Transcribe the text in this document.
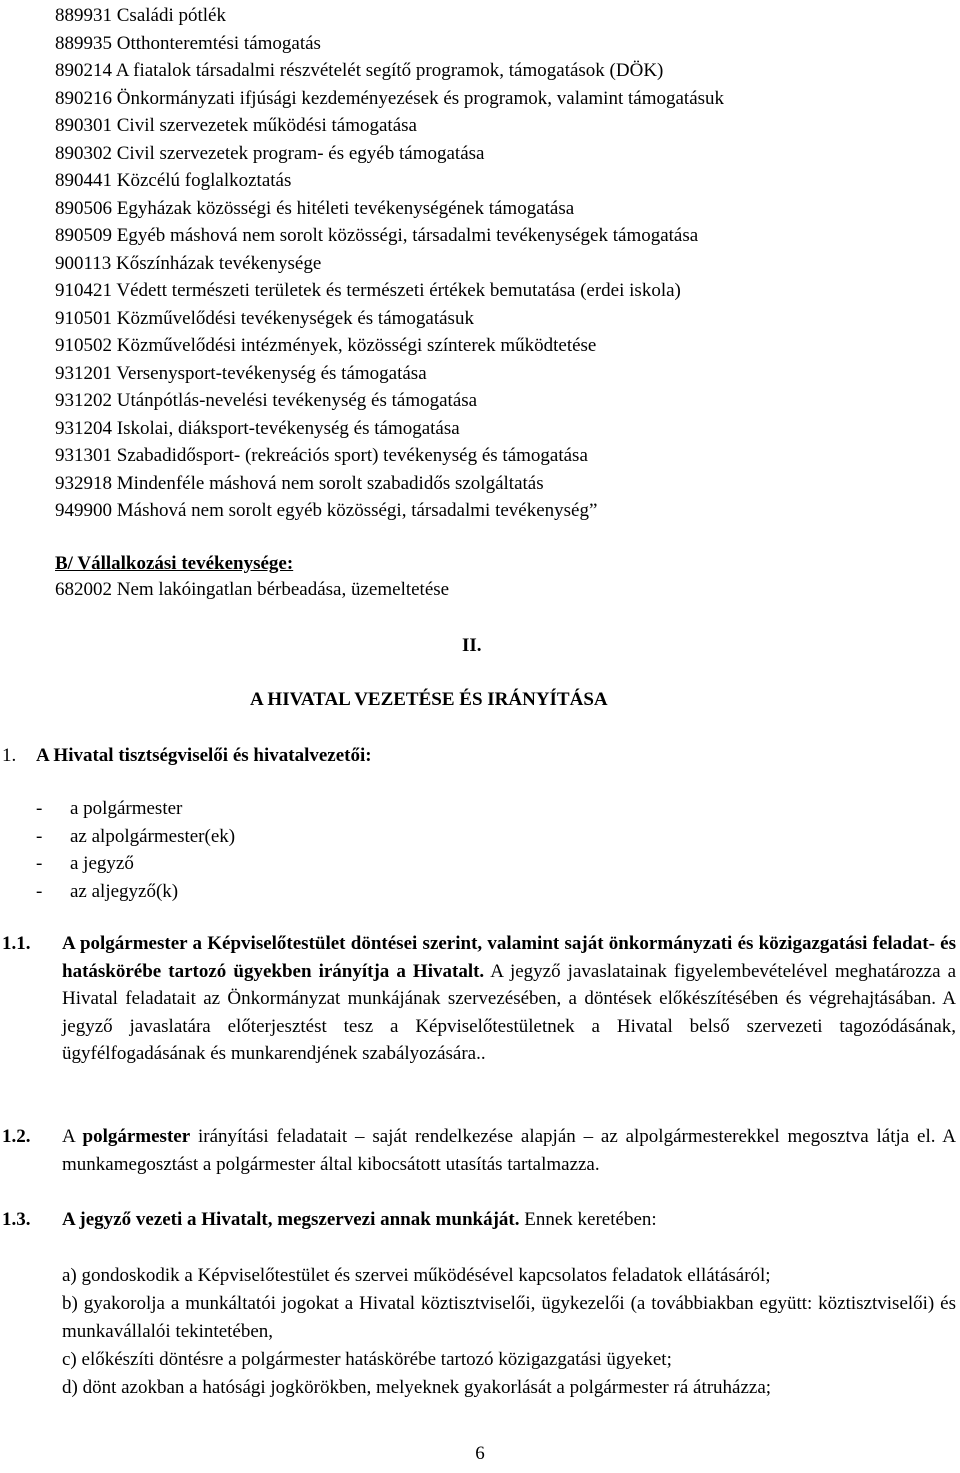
889931 Családi pótlék
889935 Otthonteremtési támogatás
890214 A fiatalok társadalmi részvételét segítő programok, támogatások (DÖK)
890216 Önkormányzati ifjúsági kezdeményezések és programok, valamint támogatásuk
890301 Civil szervezetek működési támogatása
890302 Civil szervezetek program- és egyéb támogatása
890441 Közcélú foglalkoztatás
890506 Egyházak közösségi és hitéleti tevékenységének támogatása
890509 Egyéb máshová nem sorolt közösségi, társadalmi tevékenységek támogatása
900113 Kőszínházak tevékenysége
910421 Védett természeti területek és természeti értékek bemutatása (erdei iskola)
910501 Közművelődési tevékenységek és támogatásuk
910502 Közművelődési intézmények, közösségi színterek működtetése
931201 Versenysport-tevékenység és támogatása
931202 Utánpótlás-nevelési tevékenység és támogatása
931204 Iskolai, diáksport-tevékenység és támogatása
931301 Szabadidősport- (rekreációs sport) tevékenység és támogatása
932918 Mindenféle máshová nem sorolt szabadidős szolgáltatás
949900 Máshová nem sorolt egyéb közösségi, társadalmi tevékenység”
B/ Vállalkozási tevékenysége:
682002 Nem lakóingatlan bérbeadása, üzemeltetése
II.
A HIVATAL VEZETÉSE ÉS IRÁNYÍTÁSA
1. A Hivatal tisztségviselői és hivatalvezetői:
- a polgármester
- az alpolgármester(ek)
- a jegyző
- az aljegyző(k)
1.1. A polgármester a Képviselőtestület döntései szerint, valamint saját önkormányzati és közigazgatási feladat- és hatáskörébe tartozó ügyekben irányítja a Hivatalt. A jegyző javaslatainak figyelembevételével meghatározza a Hivatal feladatait az Önkormányzat munkájának szervezésében, a döntések előkészítésében és végrehajtásában. A jegyző javaslatára előterjesztést tesz a Képviselőtestületnek a Hivatal belső szervezeti tagozódásának, ügyfélfogadásának és munkarendjének szabályozására..
1.2. A polgármester irányítási feladatait – saját rendelkezése alapján – az alpolgármesterekkel megosztva látja el. A munkamegosztást a polgármester által kibocsátott utasítás tartalmazza.
1.3. A jegyző vezeti a Hivatalt, megszervezi annak munkáját. Ennek keretében:
a) gondoskodik a Képviselőtestület és szervei működésével kapcsolatos feladatok ellátásáról;
b) gyakorolja a munkáltatói jogokat a Hivatal köztisztviselői, ügykezelői (a továbbiakban együtt: köztisztviselői) és munkavállalói tekintetében,
c) előkészíti döntésre a polgármester hatáskörébe tartozó közigazgatási ügyeket;
d) dönt azokban a hatósági jogkörökben, melyeknek gyakorlását a polgármester rá átruházza;
6
